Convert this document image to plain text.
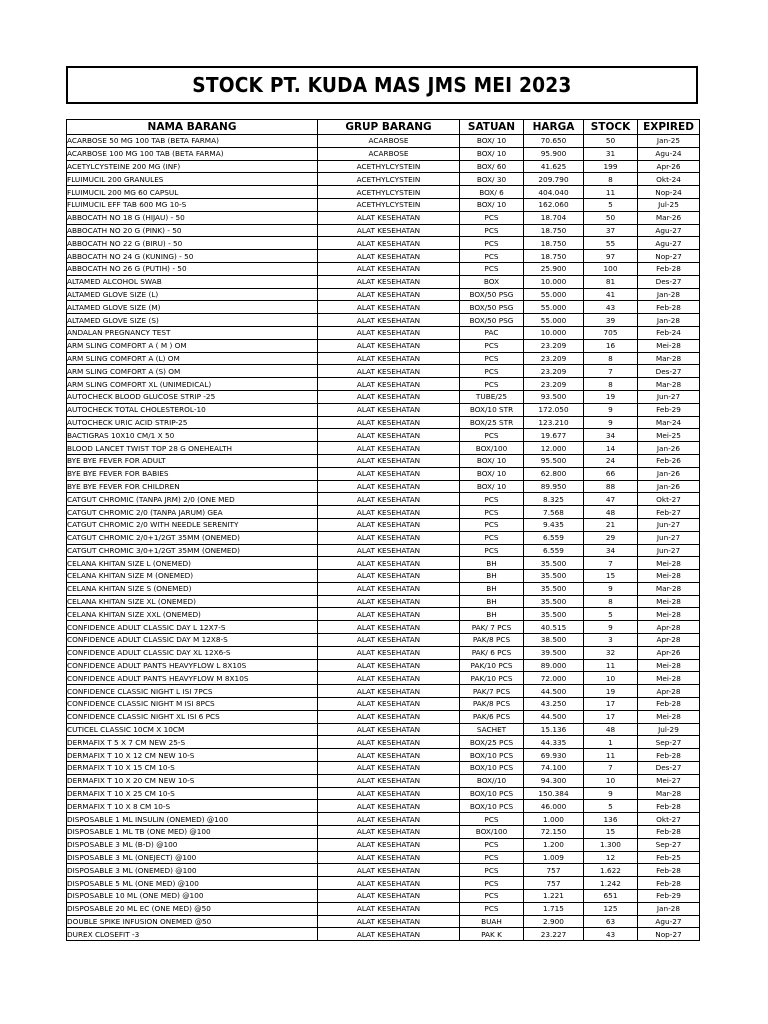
STOCK PT. KUDA MAS JMS MEI 2023
NAMA BARANG	GRUP BARANG	SATUAN	HARGA	STOCK	EXPIRED
ACARBOSE 50 MG 100 TAB (BETA FARMA)	ACARBOSE	BOX/ 10	70.650	50	Jan-25
ACARBOSE 100 MG 100 TAB (BETA FARMA)	ACARBOSE	BOX/ 10	95.900	31	Agu-24
ACETYLCYSTEINE 200 MG (INF)	ACETHYLCYSTEIN	BOX/ 60	41.625	199	Apr-26
FLUIMUCIL 200 GRANULES	ACETHYLCYSTEIN	BOX/ 30	209.790	8	Okt-24
FLUIMUCIL 200 MG 60 CAPSUL	ACETHYLCYSTEIN	BOX/ 6	404.040	11	Nop-24
FLUIMUCIL EFF TAB 600 MG 10-S	ACETHYLCYSTEIN	BOX/ 10	162.060	5	Jul-25
ABBOCATH NO 18 G (HIJAU) - 50	ALAT KESEHATAN	PCS	18.704	50	Mar-26
ABBOCATH NO 20 G (PINK) - 50	ALAT KESEHATAN	PCS	18.750	37	Agu-27
ABBOCATH NO 22 G (BIRU) - 50	ALAT KESEHATAN	PCS	18.750	55	Agu-27
ABBOCATH NO 24 G (KUNING) - 50	ALAT KESEHATAN	PCS	18.750	97	Nop-27
ABBOCATH NO 26 G (PUTIH) - 50	ALAT KESEHATAN	PCS	25.900	100	Feb-28
ALTAMED ALCOHOL SWAB	ALAT KESEHATAN	BOX	10.000	81	Des-27
ALTAMED GLOVE SIZE (L)	ALAT KESEHATAN	BOX/50 PSG	55.000	41	Jan-28
ALTAMED GLOVE SIZE (M)	ALAT KESEHATAN	BOX/50 PSG	55.000	43	Feb-28
ALTAMED GLOVE SIZE (S)	ALAT KESEHATAN	BOX/50 PSG	55.000	39	Jan-28
ANDALAN PREGNANCY TEST	ALAT KESEHATAN	PAC	10.000	705	Feb-24
ARM SLING COMFORT A ( M ) OM	ALAT KESEHATAN	PCS	23.209	16	Mei-28
ARM SLING COMFORT A (L) OM	ALAT KESEHATAN	PCS	23.209	8	Mar-28
ARM SLING COMFORT A (S) OM	ALAT KESEHATAN	PCS	23.209	7	Des-27
ARM SLING COMFORT XL (UNIMEDICAL)	ALAT KESEHATAN	PCS	23.209	8	Mar-28
AUTOCHECK BLOOD GLUCOSE STRIP -25	ALAT KESEHATAN	TUBE/25	93.500	19	Jun-27
AUTOCHECK TOTAL CHOLESTEROL-10	ALAT KESEHATAN	BOX/10 STR	172.050	9	Feb-29
AUTOCHECK URIC ACID STRIP-25	ALAT KESEHATAN	BOX/25 STR	123.210	9	Mar-24
BACTIGRAS 10X10 CM/1 X 50	ALAT KESEHATAN	PCS	19.677	34	Mei-25
BLOOD LANCET TWIST TOP 28 G ONEHEALTH	ALAT KESEHATAN	BOX/100	12.000	14	Jan-26
BYE BYE FEVER FOR ADULT	ALAT KESEHATAN	BOX/ 10	95.500	24	Feb-26
BYE BYE FEVER FOR BABIES	ALAT KESEHATAN	BOX/ 10	62.800	66	Jan-26
BYE BYE FEVER FOR CHILDREN	ALAT KESEHATAN	BOX/ 10	89.950	88	Jan-26
CATGUT CHROMIC (TANPA JRM) 2/0 (ONE MED	ALAT KESEHATAN	PCS	8.325	47	Okt-27
CATGUT CHROMIC 2/0 (TANPA JARUM) GEA	ALAT KESEHATAN	PCS	7.568	48	Feb-27
CATGUT CHROMIC 2/0 WITH NEEDLE SERENITY	ALAT KESEHATAN	PCS	9.435	21	Jun-27
CATGUT CHROMIC 2/0+1/2GT 35MM (ONEMED)	ALAT KESEHATAN	PCS	6.559	29	Jun-27
CATGUT CHROMIC 3/0+1/2GT 35MM (ONEMED)	ALAT KESEHATAN	PCS	6.559	34	Jun-27
CELANA KHITAN SIZE L (ONEMED)	ALAT KESEHATAN	BH	35.500	7	Mei-28
CELANA KHITAN SIZE M (ONEMED)	ALAT KESEHATAN	BH	35.500	15	Mei-28
CELANA KHITAN SIZE S (ONEMED)	ALAT KESEHATAN	BH	35.500	9	Mar-28
CELANA KHITAN SIZE XL (ONEMED)	ALAT KESEHATAN	BH	35.500	8	Mei-28
CELANA KHITAN SIZE XXL (ONEMED)	ALAT KESEHATAN	BH	35.500	5	Mei-28
CONFIDENCE ADULT CLASSIC DAY L 12X7-S	ALAT KESEHATAN	PAK/ 7 PCS	40.515	9	Apr-28
CONFIDENCE ADULT CLASSIC DAY M 12X8-S	ALAT KESEHATAN	PAK/8 PCS	38.500	3	Apr-28
CONFIDENCE ADULT CLASSIC DAY XL 12X6-S	ALAT KESEHATAN	PAK/ 6 PCS	39.500	32	Apr-26
CONFIDENCE ADULT PANTS HEAVYFLOW L 8X10S	ALAT KESEHATAN	PAK/10 PCS	89.000	11	Mei-28
CONFIDENCE ADULT PANTS HEAVYFLOW M 8X10S	ALAT KESEHATAN	PAK/10 PCS	72.000	10	Mei-28
CONFIDENCE CLASSIC NIGHT L ISI 7PCS	ALAT KESEHATAN	PAK/7 PCS	44.500	19	Apr-28
CONFIDENCE CLASSIC NIGHT M ISI 8PCS	ALAT KESEHATAN	PAK/8 PCS	43.250	17	Feb-28
CONFIDENCE CLASSIC NIGHT XL ISI 6 PCS	ALAT KESEHATAN	PAK/6 PCS	44.500	17	Mei-28
CUTICEL CLASSIC 10CM X 10CM	ALAT KESEHATAN	SACHET	15.136	48	Jul-29
DERMAFIX T 5 X 7 CM NEW 25-S	ALAT KESEHATAN	BOX/25 PCS	44.335	1	Sep-27
DERMAFIX T 10 X 12 CM NEW 10-S	ALAT KESEHATAN	BOX/10 PCS	69.930	11	Feb-28
DERMAFIX T 10 X 15 CM 10-S	ALAT KESEHATAN	BOX/10 PCS	74.100	7	Des-27
DERMAFIX T 10 X 20 CM NEW 10-S	ALAT KESEHATAN	BOX//10	94.300	10	Mei-27
DERMAFIX T 10 X 25 CM 10-S	ALAT KESEHATAN	BOX/10 PCS	150.384	9	Mar-28
DERMAFIX T 10 X 8 CM 10-S	ALAT KESEHATAN	BOX/10 PCS	46.000	5	Feb-28
DISPOSABLE 1 ML INSULIN (ONEMED) @100	ALAT KESEHATAN	PCS	1.000	136	Okt-27
DISPOSABLE 1 ML TB (ONE MED) @100	ALAT KESEHATAN	BOX/100	72.150	15	Feb-28
DISPOSABLE 3 ML (B-D) @100	ALAT KESEHATAN	PCS	1.200	1.300	Sep-27
DISPOSABLE 3 ML (ONEJECT) @100	ALAT KESEHATAN	PCS	1.009	12	Feb-25
DISPOSABLE 3 ML (ONEMED) @100	ALAT KESEHATAN	PCS	757	1.622	Feb-28
DISPOSABLE 5 ML (ONE MED) @100	ALAT KESEHATAN	PCS	757	1.242	Feb-28
DISPOSABLE 10 ML (ONE MED) @100	ALAT KESEHATAN	PCS	1.221	651	Feb-29
DISPOSABLE 20 ML EC (ONE MED) @50	ALAT KESEHATAN	PCS	1.715	125	Jan-28
DOUBLE SPIKE INFUSION ONEMED @50	ALAT KESEHATAN	BUAH	2.900	63	Agu-27
DUREX CLOSEFIT -3	ALAT KESEHATAN	PAK K	23.227	43	Nop-27
